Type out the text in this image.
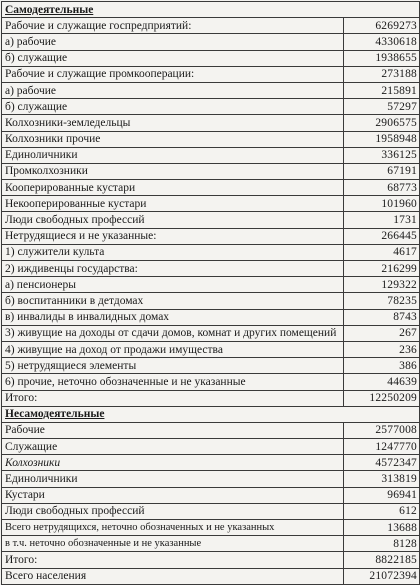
Самодеятельные	
Рабочие и служащие госпредприятий:	6269273
а) рабочие	4330618
б) служащие	1938655
Рабочие и служащие промкооперации:	273188
а) рабочие	215891
б) служащие	57297
Колхозники-земледельцы	2906575
Колхозники прочие	1958948
Единоличники	336125
Промколхозники	67191
Кооперированные кустари	68773
Некооперированные кустари	101960
Люди свободных профессий	1731
Нетрудящиеся и не указанные:	266445
1) служители культа	4617
2) иждивенцы государства:	216299
а) пенсионеры	129322
б) воспитанники в детдомах	78235
в) инвалиды в инвалидных домах	8743
3) живущие на доходы от сдачи домов, комнат и других помещений	267
4) живущие на доход от продажи имущества	236
5) нетрудящиеся элементы	386
6) прочие, неточно обозначенные и не указанные	44639
Итого:	12250209
Несамодеятельные	
Рабочие	2577008
Служащие	1247770
Колхозники	4572347
Единоличники	313819
Кустари	96941
Люди свободных профессий	612
Всего нетрудящихся, неточно обозначенных и не указанных	13688
в т.ч. неточно обозначенные и не указанные	8128
Итого:	8822185
Всего населения	21072394
